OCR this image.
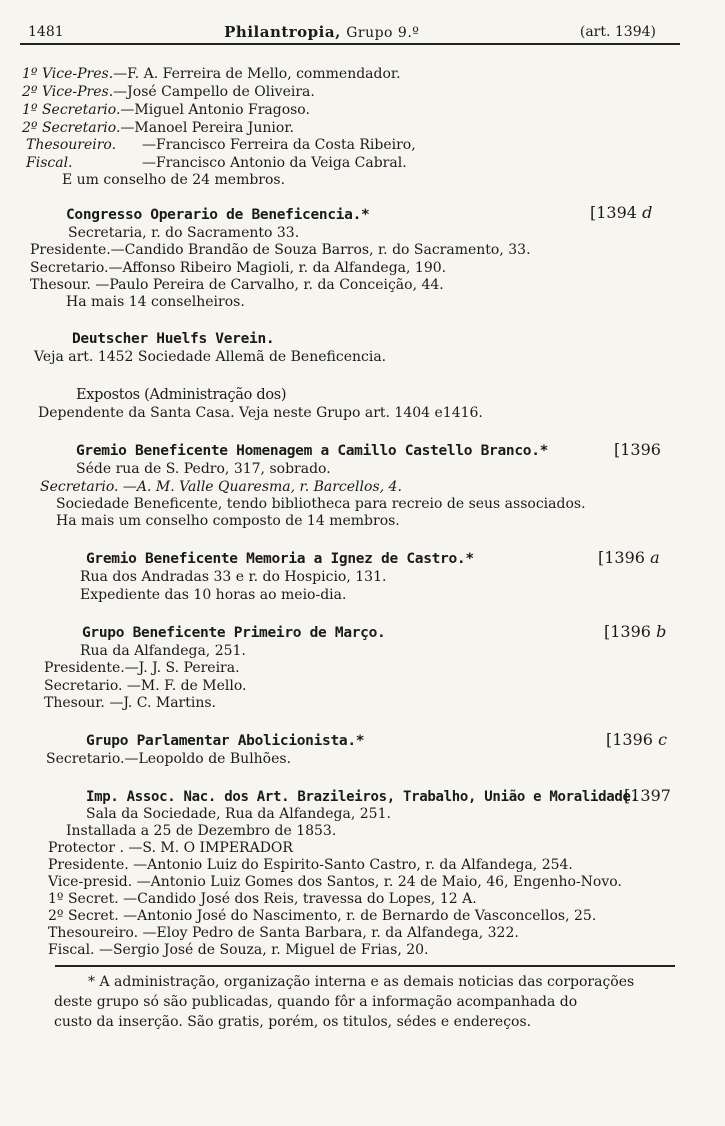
1481	Philantropia, Grupo 9.º	(art. 1394)
1º Vice-Pres.—F. A. Ferreira de Mello, commendador.
2º Vice-Pres.—José Campello de Oliveira.
1º Secretario.—Miguel Antonio Fragoso.
2º Secretario.—Manoel Pereira Junior.
Thesoureiro. —Francisco Ferreira da Costa Ribeiro,
Fiscal.	—Francisco Antonio da Veiga Cabral.
E um conselho de 24 membros.
Congresso Operario de Beneficencia.*	[1394 d
Secretaria, r. do Sacramento 33.
Presidente.—Candido Brandão de Souza Barros, r. do Sacramento, 33.
Secretario.—Affonso Ribeiro Magioli, r. da Alfandega, 190.
Thesour. —Paulo Pereira de Carvalho, r. da Conceição, 44.
Ha mais 14 conselheiros.
Deutscher Huelfs Verein.
Veja art. 1452 Sociedade Allemã de Beneficencia.
Expostos (Administração dos)
Dependente da Santa Casa. Veja neste Grupo art. 1404 e1416.
Gremio Beneficente Homenagem a Camillo Castello Branco.*	[1396
Séde rua de S. Pedro, 317, sobrado.
Secretario. —A. M. Valle Quaresma, r. Barcellos, 4.
Sociedade Beneficente, tendo bibliotheca para recreio de seus associados.
Ha mais um conselho composto de 14 membros.
Gremio Beneficente Memoria a Ignez de Castro.*	[1396 a
Rua dos Andradas 33 e r. do Hospicio, 131.
Expediente das 10 horas ao meio-dia.
Grupo Beneficente Primeiro de Março.	[1396 b
Rua da Alfandega, 251.
Presidente.—J. J. S. Pereira.
Secretario. —M. F. de Mello.
Thesour. —J. C. Martins.
Grupo Parlamentar Abolicionista.*	[1396 c
Secretario.—Leopoldo de Bulhões.
Imp. Assoc. Nac. dos Art. Brazileiros, Trabalho, União e Moralidade.
[1397
Sala da Sociedade, Rua da Alfandega, 251.
Installada a 25 de Dezembro de 1853.
Protector . —S. M. O IMPERADOR
Presidente. —Antonio Luiz do Espirito-Santo Castro, r. da Alfandega, 254.
Vice-presid. —Antonio Luiz Gomes dos Santos, r. 24 de Maio, 46, Engenho-Novo.
1º Secret. —Candido José dos Reis, travessa do Lopes, 12 A.
2º Secret. —Antonio José do Nascimento, r. de Bernardo de Vasconcellos, 25.
Thesoureiro. —Eloy Pedro de Santa Barbara, r. da Alfandega, 322.
Fiscal. —Sergio José de Souza, r. Miguel de Frias, 20.
* A administração, organização interna e as demais noticias das corporações
deste grupo só são publicadas, quando fôr a informação acompanhada do
custo da inserção. São gratis, porém, os titulos, sédes e endereços.
